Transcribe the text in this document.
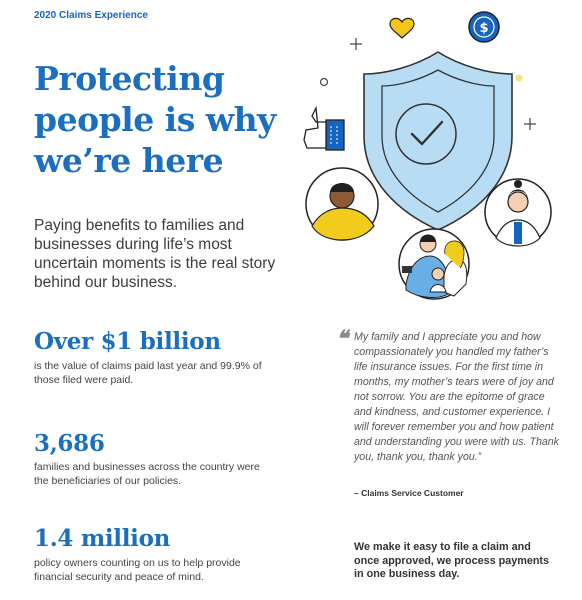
2020 Claims Experience
Protecting
people is why
we’re here
Paying benefits to families and businesses during life’s most uncertain moments is the real story behind our business.
Over $1 billion
is the value of claims paid last year and 99.9% of those filed were paid.
3,686
families and businesses across the country were the beneficiaries of our policies.
1.4 million
policy owners counting on us to help provide financial security and peace of mind.
❝ My family and I appreciate you and how compassionately you handled my father’s life insurance issues. For the first time in months, my mother’s tears were of joy and not sorrow. You are the epitome of grace and kindness, and customer experience. I will forever remember you and how patient and understanding you were with us. Thank you, thank you, thank you.”
– Claims Service Customer
We make it easy to file a claim and once approved, we process payments in one business day.
$
